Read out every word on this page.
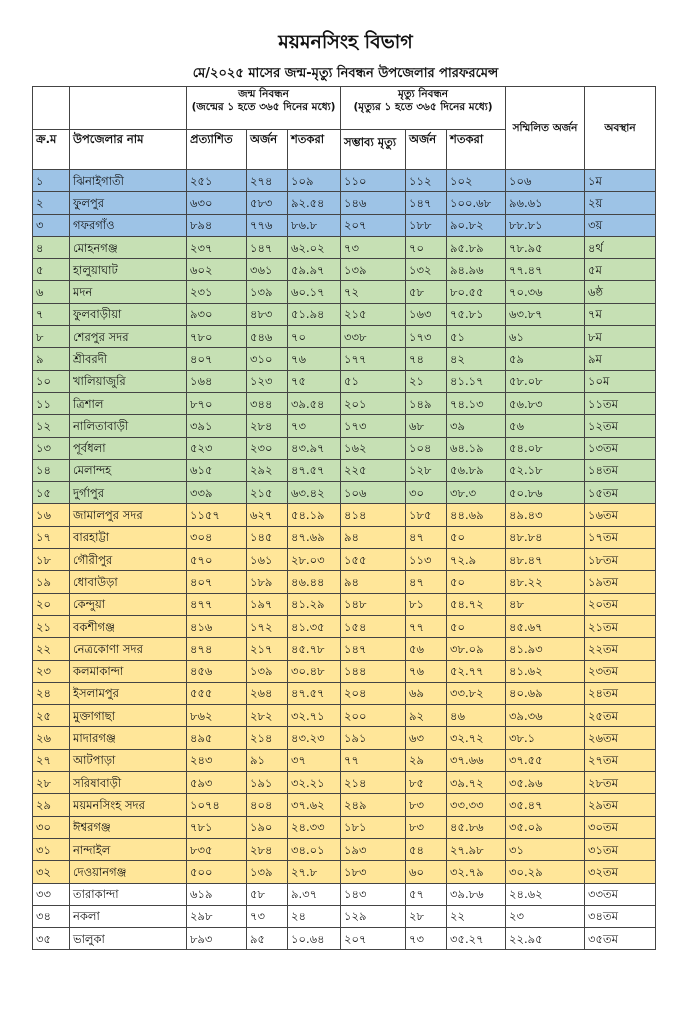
ময়মনসিংহ বিভাগ
মে/২০২৫ মাসের জন্ম-মৃত্যু নিবন্ধন উপজেলার পারফরমেন্স
		জন্ম নিবন্ধন
(জন্মের ১ হতে ৩৬৫ দিনের মধ্যে)			মৃত্যু নিবন্ধন
(মৃত্যুর ১ হতে ৩৬৫ দিনের মধ্যে)			সম্মিলিত অর্জন	অবস্থান
ক্র.ম	উপজেলার নাম	প্রত্যাশিত	অর্জন	শতকরা	সম্ভাব্য মৃত্যু	অর্জন	শতকরা		
১	ঝিনাইগাতী	২৫১	২৭৪	১০৯	১১০	১১২	১০২	১০৬	১ম
২	ফুলপুর	৬৩০	৫৮৩	৯২.৫৪	১৪৬	১৪৭	১০০.৬৮	৯৬.৬১	২য়
৩	গফরগাঁও	৮৯৪	৭৭৬	৮৬.৮	২০৭	১৮৮	৯০.৮২	৮৮.৮১	৩য়
৪	মোহনগঞ্জ	২৩৭	১৪৭	৬২.০২	৭৩	৭০	৯৫.৮৯	৭৮.৯৫	৪র্থ
৫	হালুয়াঘাট	৬০২	৩৬১	৫৯.৯৭	১৩৯	১৩২	৯৪.৯৬	৭৭.৪৭	৫ম
৬	মদন	২৩১	১৩৯	৬০.১৭	৭২	৫৮	৮০.৫৫	৭০.৩৬	৬ষ্ঠ
৭	ফুলবাড়ীয়া	৯৩০	৪৮৩	৫১.৯৪	২১৫	১৬৩	৭৫.৮১	৬৩.৮৭	৭ম
৮	শেরপুর সদর	৭৮০	৫৪৬	৭০	৩৩৮	১৭৩	৫১	৬১	৮ম
৯	শ্রীবরদী	৪০৭	৩১০	৭৬	১৭৭	৭৪	৪২	৫৯	৯ম
১০	খালিয়াজুরি	১৬৪	১২৩	৭৫	৫১	২১	৪১.১৭	৫৮.০৮	১০ম
১১	ত্রিশাল	৮৭০	৩৪৪	৩৯.৫৪	২০১	১৪৯	৭৪.১৩	৫৬.৮৩	১১তম
১২	নালিতাবাড়ী	৩৯১	২৮৪	৭৩	১৭৩	৬৮	৩৯	৫৬	১২তম
১৩	পূর্বধলা	৫২৩	২৩০	৪৩.৯৭	১৬২	১০৪	৬৪.১৯	৫৪.০৮	১৩তম
১৪	মেলান্দহ	৬১৫	২৯২	৪৭.৫৭	২২৫	১২৮	৫৬.৮৯	৫২.১৮	১৪তম
১৫	দুর্গাপুর	৩৩৯	২১৫	৬৩.৪২	১০৬	৩০	৩৮.৩	৫০.৮৬	১৫তম
১৬	জামালপুর সদর	১১৫৭	৬২৭	৫৪.১৯	৪১৪	১৮৫	৪৪.৬৯	৪৯.৪৩	১৬তম
১৭	বারহাট্টা	৩০৪	১৪৫	৪৭.৬৯	৯৪	৪৭	৫০	৪৮.৮৪	১৭তম
১৮	গৌরীপুর	৫৭০	১৬১	২৮.০৩	১৫৫	১১৩	৭২.৯	৪৮.৪৭	১৮তম
১৯	ধোবাউড়া	৪০৭	১৮৯	৪৬.৪৪	৯৪	৪৭	৫০	৪৮.২২	১৯তম
২০	কেন্দুয়া	৪৭৭	১৯৭	৪১.২৯	১৪৮	৮১	৫৪.৭২	৪৮	২০তম
২১	বকশীগঞ্জ	৪১৬	১৭২	৪১.৩৫	১৫৪	৭৭	৫০	৪৫.৬৭	২১তম
২২	নেত্রকোণা সদর	৪৭৪	২১৭	৪৫.৭৮	১৪৭	৫৬	৩৮.০৯	৪১.৯৩	২২তম
২৩	কলমাকান্দা	৪৫৬	১৩৯	৩০.৪৮	১৪৪	৭৬	৫২.৭৭	৪১.৬২	২৩তম
২৪	ইসলামপুর	৫৫৫	২৬৪	৪৭.৫৭	২০৪	৬৯	৩৩.৮২	৪০.৬৯	২৪তম
২৫	মুক্তাগাছা	৮৬২	২৮২	৩২.৭১	২০০	৯২	৪৬	৩৯.৩৬	২৫তম
২৬	মাদারগঞ্জ	৪৯৫	২১৪	৪৩.২৩	১৯১	৬৩	৩২.৭২	৩৮.১	২৬তম
২৭	আটপাড়া	২৪৩	৯১	৩৭	৭৭	২৯	৩৭.৬৬	৩৭.৫৫	২৭তম
২৮	সরিষাবাড়ী	৫৯৩	১৯১	৩২.২১	২১৪	৮৫	৩৯.৭২	৩৫.৯৬	২৮তম
২৯	ময়মনসিংহ সদর	১০৭৪	৪০৪	৩৭.৬২	২৪৯	৮৩	৩৩.৩৩	৩৫.৪৭	২৯তম
৩০	ঈশ্বরগঞ্জ	৭৮১	১৯০	২৪.৩৩	১৮১	৮৩	৪৫.৮৬	৩৫.০৯	৩০তম
৩১	নান্দাইল	৮৩৫	২৮৪	৩৪.০১	১৯৩	৫৪	২৭.৯৮	৩১	৩১তম
৩২	দেওয়ানগঞ্জ	৫০০	১৩৯	২৭.৮	১৮৩	৬০	৩২.৭৯	৩০.২৯	৩২তম
৩৩	তারাকান্দা	৬১৯	৫৮	৯.৩৭	১৪৩	৫৭	৩৯.৮৬	২৪.৬২	৩৩তম
৩৪	নকলা	২৯৮	৭৩	২৪	১২৯	২৮	২২	২৩	৩৪তম
৩৫	ভালুকা	৮৯৩	৯৫	১০.৬৪	২০৭	৭৩	৩৫.২৭	২২.৯৫	৩৫তম
